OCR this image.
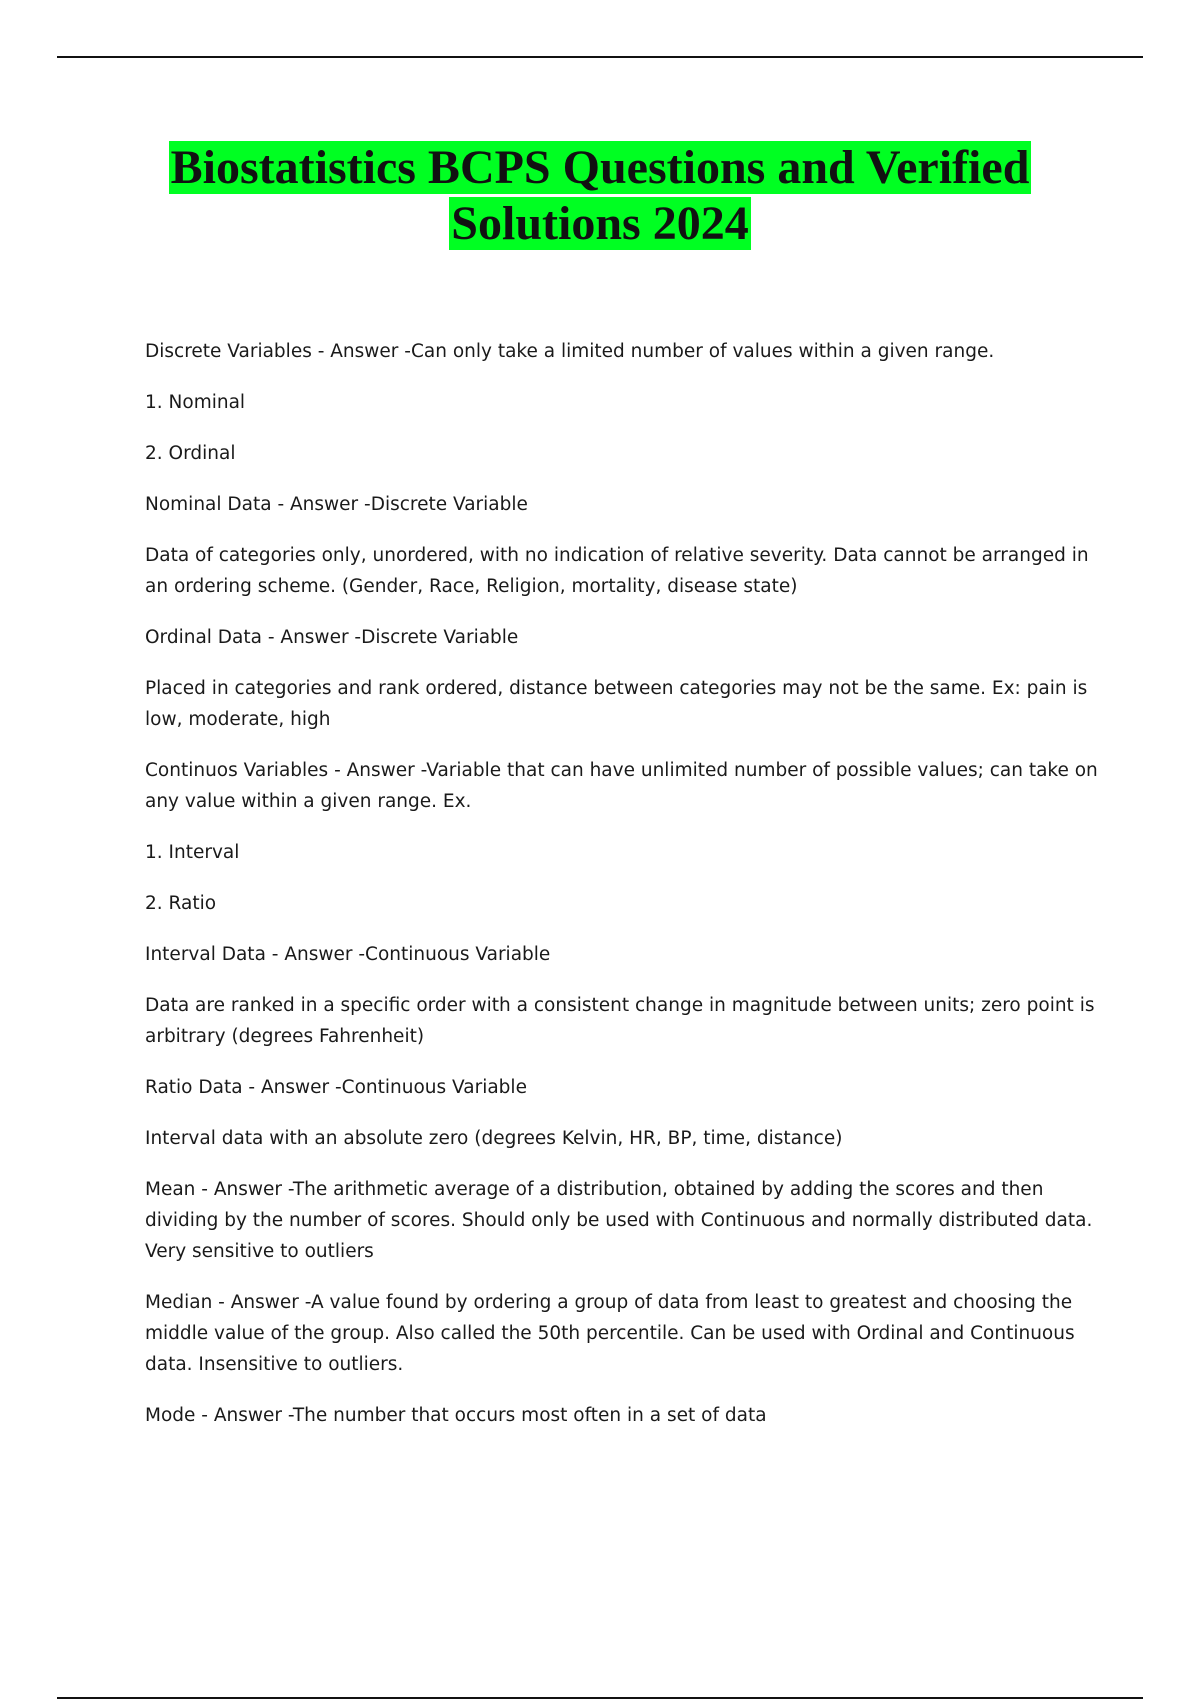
Biostatistics BCPS Questions and Verified
Solutions 2024

Discrete Variables - Answer -Can only take a limited number of values within a given range.

1. Nominal

2. Ordinal

Nominal Data - Answer -Discrete Variable

Data of categories only, unordered, with no indication of relative severity. Data cannot be arranged in an ordering scheme. (Gender, Race, Religion, mortality, disease state)

Ordinal Data - Answer -Discrete Variable

Placed in categories and rank ordered, distance between categories may not be the same. Ex: pain is low, moderate, high

Continuos Variables - Answer -Variable that can have unlimited number of possible values; can take on any value within a given range. Ex.

1. Interval

2. Ratio

Interval Data - Answer -Continuous Variable

Data are ranked in a specific order with a consistent change in magnitude between units; zero point is arbitrary (degrees Fahrenheit)

Ratio Data - Answer -Continuous Variable

Interval data with an absolute zero (degrees Kelvin, HR, BP, time, distance)

Mean - Answer -The arithmetic average of a distribution, obtained by adding the scores and then dividing by the number of scores. Should only be used with Continuous and normally distributed data. Very sensitive to outliers

Median - Answer -A value found by ordering a group of data from least to greatest and choosing the middle value of the group. Also called the 50th percentile. Can be used with Ordinal and Continuous data. Insensitive to outliers.

Mode - Answer -The number that occurs most often in a set of data
